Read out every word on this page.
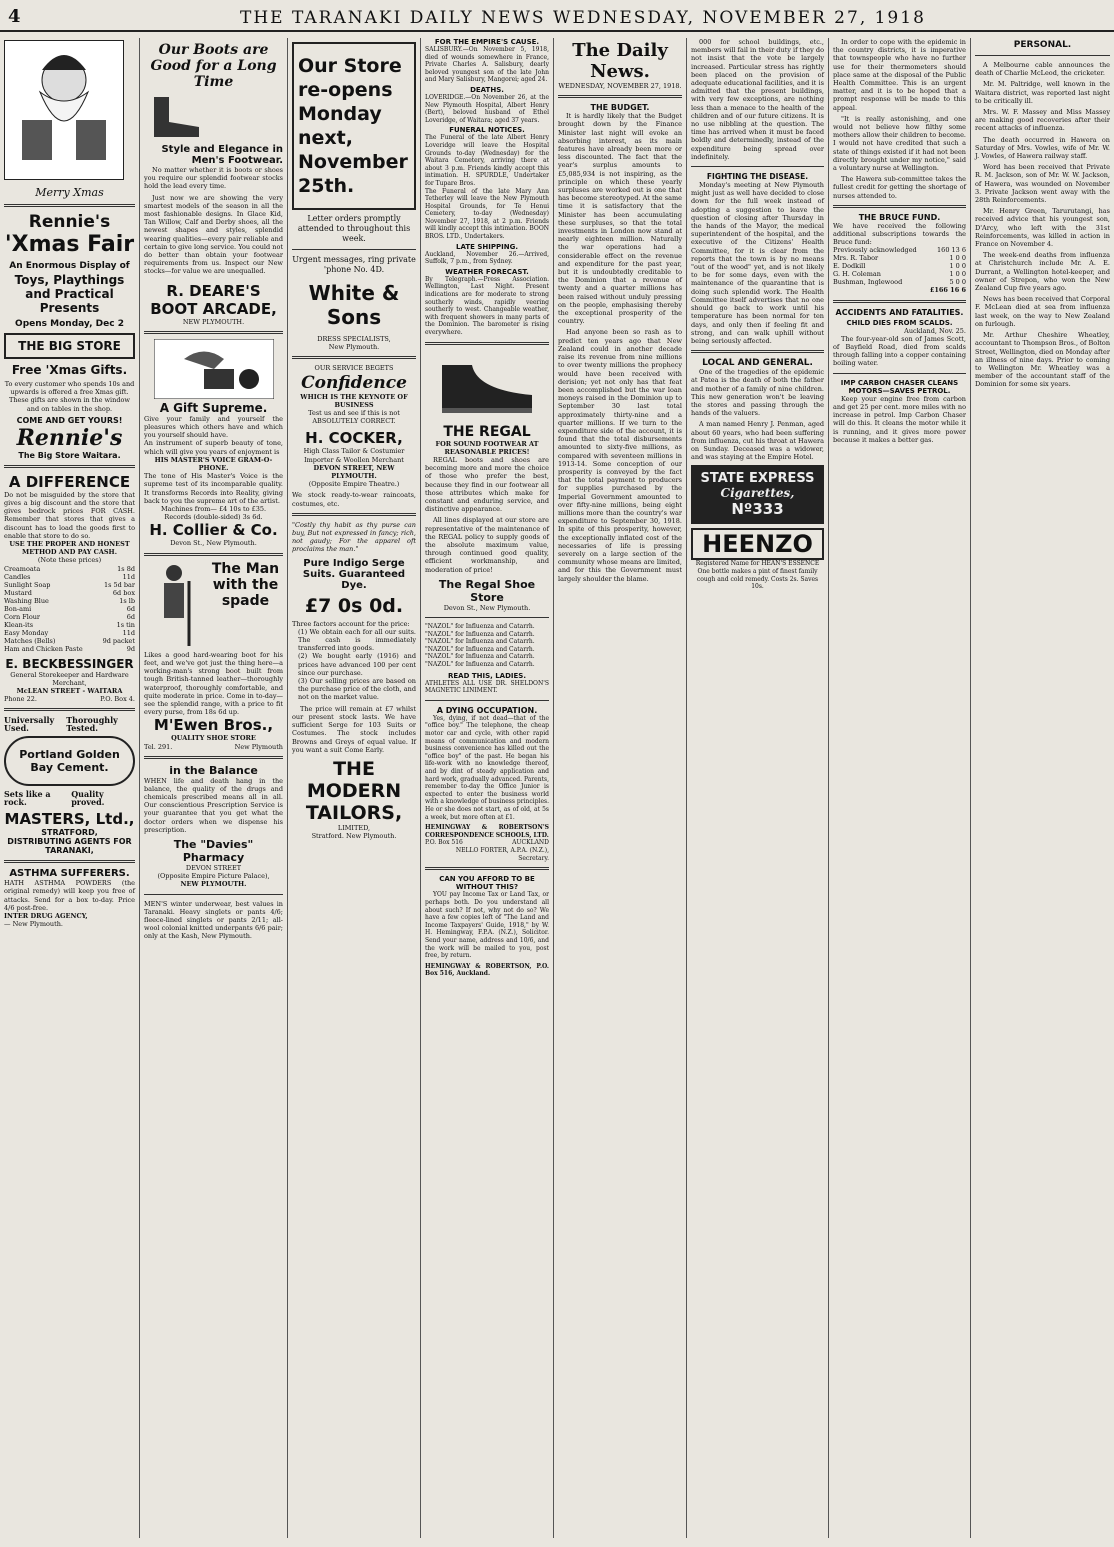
4	THE TARANAKI DAILY NEWS WEDNESDAY, NOVEMBER 27, 1918
Merry Xmas
Rennie's
'Xmas Fair
An Enormous Display of
Toys, Playthings and Practical Presents
Opens Monday, Dec 2
THE BIG STORE
Free 'Xmas Gifts.
To every customer who spends 10s and upwards is offered a free Xmas gift. These gifts are shown in the window and on tables in the shop.
COME AND GET YOURS!
Rennie's
The Big Store Waitara.
A DIFFERENCE
Do not be misguided by the store that gives a big discount and the store that gives bedrock prices FOR CASH. Remember that stores that gives a discount has to load the goods first to enable that store to do so.
USE THE PROPER AND HONEST METHOD AND PAY CASH.
(Note these prices)
Creamoata	1s 8d
Candles	11d
Sunlight Soap	1s 5d bar
Mustard	6d box
Washing Blue	1s lb
Bon-ami	6d
Corn Flour	6d
Klean-its	1s tin
Easy Monday	11d
Matches (Bells)	9d packet
Ham and Chicken Paste	9d
E. BECKBESSINGER
General Storekeeper and Hardware Merchant,
McLEAN STREET - WAITARA
Phone 22.	P.O. Box 4.
Universally Used.
Thoroughly Tested.
Portland Golden Bay Cement.
Sets like a rock.
Quality proved.
MASTERS, Ltd.,
STRATFORD,
DISTRIBUTING AGENTS FOR TARANAKI,
ASTHMA SUFFERERS.
HATH ASTHMA POWDERS (the original remedy) will keep you free of attacks. Send for a box to-day. Price 4/6 post-free.
INTER DRUG AGENCY,
— New Plymouth.
Our Boots are Good for a Long Time
Style and Elegance in Men's Footwear.
No matter whether it is boots or shoes you require our splendid footwear stocks hold the lead every time.
Just now we are showing the very smartest models of the season in all the most fashionable designs. In Glace Kid, Tan Willow, Calf and Derby shoes, all the newest shapes and styles, splendid wearing qualities—every pair reliable and certain to give long service. You could not do better than obtain your footwear requirements from us. Inspect our New stocks—for value we are unequalled.
R. DEARE'S BOOT ARCADE,
NEW PLYMOUTH.
A Gift Supreme.
Give your family and yourself the pleasures which others have and which you yourself should have.
An instrument of superb beauty of tone, which will give you years of enjoyment is
HIS MASTER'S VOICE GRAM-O-PHONE.
The tone of His Master's Voice is the supreme test of its incomparable quality. It transforms Records into Reality, giving back to you the supreme art of the artist.
Machines from— £4 10s to £35.
Records (double-sided) 3s 6d.
H. Collier & Co.
Devon St., New Plymouth.
The Man with the spade
Likes a good hard-wearing boot for his feet, and we've got just the thing here—a working-man's strong boot built from tough British-tanned leather—thoroughly waterproof, thoroughly comfortable, and quite moderate in price. Come in to-day—see the splendid range, with a price to fit every purse, from 18s 6d up.
M'Ewen Bros.,
QUALITY SHOE STORE
Tel. 291.	New Plymouth
in the Balance
WHEN life and death hang in the balance, the quality of the drugs and chemicals prescribed means all in all. Our conscientious Prescription Service is your guarantee that you get what the doctor orders when we dispense his prescription.
The "Davies" Pharmacy
DEVON STREET
(Opposite Empire Picture Palace),
NEW PLYMOUTH.
MEN'S winter underwear, best values in Taranaki. Heavy singlets or pants 4/6; fleece-lined singlets or pants 2/11; all-wool colonial knitted underpants 6/6 pair; only at the Kash, New Plymouth.
Our Store re-opens Monday next, November 25th.
Letter orders promptly attended to throughout this week.
Urgent messages, ring private 'phone No. 4D.
White & Sons
DRESS SPECIALISTS,
New Plymouth.
OUR SERVICE BEGETS
Confidence
WHICH IS THE KEYNOTE OF BUSINESS
Test us and see if this is not ABSOLUTELY CORRECT.
H. COCKER,
High Class Tailor & Costumier Importer & Woollen Merchant
DEVON STREET, NEW PLYMOUTH.
(Opposite Empire Theatre.)
We stock ready-to-wear raincoats, costumes, etc.
"Costly thy habit as thy purse can buy, But not expressed in fancy; rich, not gaudy; For the apparel oft proclaims the man."
Pure Indigo Serge Suits. Guaranteed Dye.
£7 0s 0d.
Three factors account for the price:
(1) We obtain each for all our suits. The cash is immediately transferred into goods.
(2) We bought early (1916) and prices have advanced 100 per cent since our purchase.
(3) Our selling prices are based on the purchase price of the cloth, and not on the market value.
The price will remain at £7 whilst our present stock lasts. We have sufficient Serge for 103 Suits or Costumes. The stock includes Browns and Greys of equal value. If you want a suit Come Early.
THE MODERN TAILORS,
LIMITED,
Stratford. New Plymouth.
FOR THE EMPIRE'S CAUSE.
SALISBURY.—On November 5, 1918, died of wounds somewhere in France, Private Charles A. Salisbury, dearly beloved youngest son of the late John and Mary Salisbury, Mangorei; aged 24.
DEATHS.
LOVERIDGE.—On November 26, at the New Plymouth Hospital, Albert Henry (Bert), beloved husband of Ethel Loveridge, of Waitara; aged 37 years.
FUNERAL NOTICES.
The Funeral of the late Albert Henry Loveridge will leave the Hospital Grounds to-day (Wednesday) for the Waitara Cemetery, arriving there at about 3 p.m. Friends kindly accept this intimation. H. SPURDLE, Undertaker for Tupare Bros.
The Funeral of the late Mary Ann Tetherley will leave the New Plymouth Hospital Grounds, for Te Henui Cemetery, to-day (Wednesday) November 27, 1918, at 2 p.m. Friends will kindly accept this intimation. BOON BROS. LTD., Undertakers.
LATE SHIPPING.
Auckland, November 26.—Arrived, Suffolk, 7 p.m., from Sydney.
WEATHER FORECAST.
By Telegraph.—Press Association. Wellington, Last Night. Present indications are for moderate to strong southerly winds, rapidly veering southerly to west. Changeable weather, with frequent showers in many parts of the Dominion. The barometer is rising everywhere.
THE REGAL
FOR SOUND FOOTWEAR AT REASONABLE PRICES!
REGAL boots and shoes are becoming more and more the choice of those who prefer the best, because they find in our footwear all those attributes which make for constant and enduring service, and distinctive appearance.
All lines displayed at our store are representative of the maintenance of the REGAL policy to supply goods of the absolute maximum value, through continued good quality, efficient workmanship, and moderation of price!
The Regal Shoe Store
Devon St., New Plymouth.
"NAZOL" for Influenza and Catarrh.
"NAZOL" for Influenza and Catarrh.
"NAZOL" for Influenza and Catarrh.
"NAZOL" for Influenza and Catarrh.
"NAZOL" for Influenza and Catarrh.
"NAZOL" for Influenza and Catarrh.
READ THIS, LADIES.
ATHLETES ALL USE DR. SHELDON'S MAGNETIC LINIMENT.
A DYING OCCUPATION.
Yes, dying, if not dead—that of the "office boy." The telephone, the cheap motor car and cycle, with other rapid means of communication and modern business convenience has killed out the "office boy" of the past. He began his life-work with no knowledge thereof, and by dint of steady application and hard work, gradually advanced. Parents, remember to-day the Office Junior is expected to enter the business world with a knowledge of business principles. He or she does not start, as of old, at 5s a week, but more often at £1.
HEMINGWAY & ROBERTSON'S CORRESPONDENCE SCHOOLS, LTD.
P.O. Box 516	AUCKLAND
NELLO FORTER, A.P.A. (N.Z.), Secretary.
CAN YOU AFFORD TO BE WITHOUT THIS?
YOU pay Income Tax or Land Tax, or perhaps both. Do you understand all about such? If not, why not do so? We have a few copies left of "The Land and Income Taxpayers' Guide, 1918," by W. H. Hemingway, F.P.A. (N.Z.), Solicitor. Send your name, address and 10/6, and the work will be mailed to you, post free, by return.
HEMINGWAY & ROBERTSON, P.O. Box 516, Auckland.
The Daily News.
WEDNESDAY, NOVEMBER 27, 1918.
THE BUDGET.
It is hardly likely that the Budget brought down by the Finance Minister last night will evoke an absorbing interest, as its main features have already been more or less discounted. The fact that the year's surplus amounts to £5,085,934 is not inspiring, as the principle on which these yearly surpluses are worked out is one that has become stereotyped. At the same time it is satisfactory that the Minister has been accumulating these surpluses, so that the total investments in London now stand at nearly eighteen million. Naturally the war operations had a considerable effect on the revenue and expenditure for the past year, but it is undoubtedly creditable to the Dominion that a revenue of twenty and a quarter millions has been raised without unduly pressing on the people, emphasising thereby the exceptional prosperity of the country.
Had anyone been so rash as to predict ten years ago that New Zealand could in another decade raise its revenue from nine millions to over twenty millions the prophecy would have been received with derision; yet not only has that feat been accomplished but the war loan moneys raised in the Dominion up to September 30 last total approximately thirty-nine and a quarter millions. If we turn to the expenditure side of the account, it is found that the total disbursements amounted to sixty-five millions, as compared with seventeen millions in 1913-14. Some conception of our prosperity is conveyed by the fact that the total payment to producers for supplies purchased by the Imperial Government amounted to over fifty-nine millions, being eight millions more than the country's war expenditure to September 30, 1918. In spite of this prosperity, however, the exceptionally inflated cost of the necessaries of life is pressing severely on a large section of the community whose means are limited, and for this the Government must largely shoulder the blame.
000 for school buildings, etc., members will fail in their duty if they do not insist that the vote be largely increased. Particular stress has rightly been placed on the provision of adequate educational facilities, and it is admitted that the present buildings, with very few exceptions, are nothing less than a menace to the health of the children and of our future citizens. It is no use nibbling at the question. The time has arrived when it must be faced boldly and determinedly, instead of the expenditure being spread over indefinitely.
FIGHTING THE DISEASE.
Monday's meeting at New Plymouth might just as well have decided to close down for the full week instead of adopting a suggestion to leave the question of closing after Thursday in the hands of the Mayor, the medical superintendent of the hospital, and the executive of the Citizens' Health Committee, for it is clear from the reports that the town is by no means "out of the wood" yet, and is not likely to be for some days, even with the maintenance of the quarantine that is doing such splendid work. The Health Committee itself advertises that no one should go back to work until his temperature has been normal for ten days, and only then if feeling fit and strong, and can walk uphill without being seriously affected.
LOCAL AND GENERAL.
One of the tragedies of the epidemic at Patea is the death of both the father and mother of a family of nine children. This new generation won't be leaving the stores and passing through the hands of the valuers.
A man named Henry J. Penman, aged about 60 years, who had been suffering from influenza, cut his throat at Hawera on Sunday. Deceased was a widower, and was staying at the Empire Hotel.
STATE EXPRESS
Cigarettes,
Nº333
HEENZO
Registered Name for HEAN'S ESSENCE
One bottle makes a pint of finest family cough and cold remedy. Costs 2s. Saves 10s.
In order to cope with the epidemic in the country districts, it is imperative that townspeople who have no further use for their thermometers should place same at the disposal of the Public Health Committee. This is an urgent matter, and it is to be hoped that a prompt response will be made to this appeal.
"It is really astonishing, and one would not believe how filthy some mothers allow their children to become. I would not have credited that such a state of things existed if it had not been directly brought under my notice," said a voluntary nurse at Wellington.
The Hawera sub-committee takes the fullest credit for getting the shortage of nurses attended to.
THE BRUCE FUND.
We have received the following additional subscriptions towards the Bruce fund:
Previously acknowledged	160 13 6
Mrs. R. Tabor	1 0 0
E. Dodkill	1 0 0
G. H. Coleman	1 0 0
Bushman, Inglewood	5 0 0
£166 16 6
ACCIDENTS AND FATALITIES.
CHILD DIES FROM SCALDS.
Auckland, Nov. 25.
The four-year-old son of James Scott, of Bayfield Road, died from scalds through falling into a copper containing boiling water.
IMP CARBON CHASER CLEANS MOTORS—SAVES PETROL.
Keep your engine free from carbon and get 25 per cent. more miles with no increase in petrol. Imp Carbon Chaser will do this. It cleans the motor while it is running, and it gives more power because it makes a better gas.
PERSONAL.
A Melbourne cable announces the death of Charlie McLeod, the cricketer.
Mr. M. Paltridge, well known in the Waitara district, was reported last night to be critically ill.
Mrs. W. F. Massey and Miss Massey are making good recoveries after their recent attacks of influenza.
The death occurred in Hawera on Saturday of Mrs. Vowles, wife of Mr. W. J. Vowles, of Hawera railway staff.
Word has been received that Private R. M. Jackson, son of Mr. W. W. Jackson, of Hawera, was wounded on November 3. Private Jackson went away with the 28th Reinforcements.
Mr. Henry Green, Tarurutangi, has received advice that his youngest son, D'Arcy, who left with the 31st Reinforcements, was killed in action in France on November 4.
The week-end deaths from influenza at Christchurch include Mr. A. E. Durrant, a Wellington hotel-keeper, and owner of Strepon, who won the New Zealand Cup five years ago.
News has been received that Corporal F. McLean died at sea from influenza last week, on the way to New Zealand on furlough.
Mr. Arthur Cheshire Wheatley, accountant to Thompson Bros., of Bolton Street, Wellington, died on Monday after an illness of nine days. Prior to coming to Wellington Mr. Wheatley was a member of the accountant staff of the Dominion for some six years.
